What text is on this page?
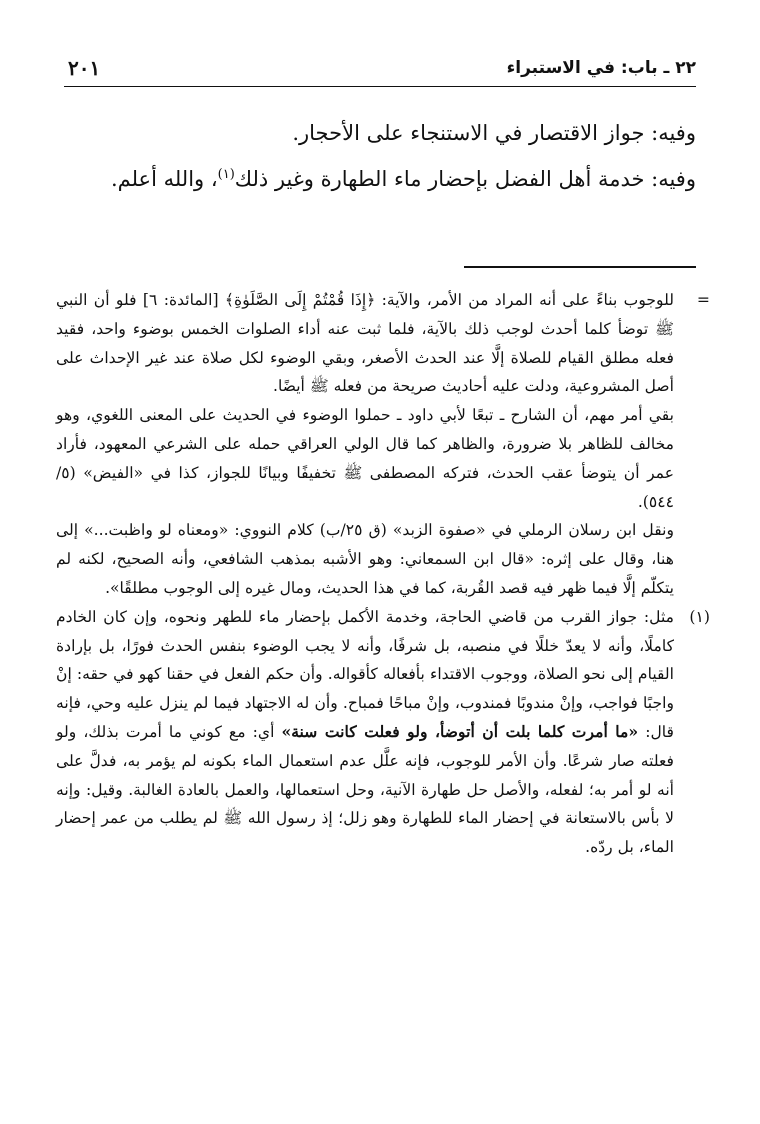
٢٢ ـ باب: في الاستبراء
٢٠١

وفيه: جواز الاقتصار في الاستنجاء على الأحجار.

وفيه: خدمة أهل الفضل بإحضار ماء الطهارة وغير ذلك$^{(١)}$، والله أعلم.

=

للوجوب بناءً على أنه المراد من الأمر، والآية: ﴿إِذَا قُمْتُمْ إِلَى الصَّلَوٰةِ﴾ [المائدة: ٦] فلو أن النبي ﷺ توضأ كلما أحدث لوجب ذلك بالآية، فلما ثبت عنه أداء الصلوات الخمس بوضوء واحد، فقيد فعله مطلق القيام للصلاة إلَّا عند الحدث الأصغر، وبقي الوضوء لكل صلاة عند غير الإحداث على أصل المشروعية، ودلت عليه أحاديث صريحة من فعله ﷺ أيضًا.

بقي أمر مهم، أن الشارح ـ تبعًا لأبي داود ـ حملوا الوضوء في الحديث على المعنى اللغوي، وهو مخالف للظاهر بلا ضرورة، والظاهر كما قال الولي العراقي حمله على الشرعي المعهود، فأراد عمر أن يتوضأ عقب الحدث، فتركه المصطفى ﷺ تخفيفًا وبيانًا للجواز، كذا في «الفيض» (٥/ ٥٤٤).

ونقل ابن رسلان الرملي في «صفوة الزبد» (ق ٢٥/ب) كلام النووي: «ومعناه لو واظبت...» إلى هنا، وقال على إثره: «قال ابن السمعاني: وهو الأشبه بمذهب الشافعي، وأنه الصحيح، لكنه لم يتكلّم إلَّا فيما ظهر فيه قصد القُربة، كما في هذا الحديث، ومال غيره إلى الوجوب مطلقًا».

(١)

مثل: جواز القرب من قاضي الحاجة، وخدمة الأكمل بإحضار ماء للطهر ونحوه، وإن كان الخادم كاملًا، وأنه لا يعدّ خللًا في منصبه، بل شرفًا، وأنه لا يجب الوضوء بنفس الحدث فورًا، بل بإرادة القيام إلى نحو الصلاة، ووجوب الاقتداء بأفعاله كأقواله. وأن حكم الفعل في حقنا كهو في حقه: إنْ واجبًا فواجب، وإنْ مندوبًا فمندوب، وإنْ مباحًا فمباح. وأن له الاجتهاد فيما لم ينزل عليه وحي، فإنه قال: «ما أمرت كلما بلت أن أتوضأ، ولو فعلت كانت سنة» أي: مع كوني ما أمرت بذلك، ولو فعلته صار شرعًا. وأن الأمر للوجوب، فإنه علَّل عدم استعمال الماء بكونه لم يؤمر به، فدلَّ على أنه لو أمر به؛ لفعله، والأصل حل طهارة الآنية، وحل استعمالها، والعمل بالعادة الغالبة. وقيل: وإنه لا بأس بالاستعانة في إحضار الماء للطهارة وهو زلل؛ إذ رسول الله ﷺ لم يطلب من عمر إحضار الماء، بل ردّه.
